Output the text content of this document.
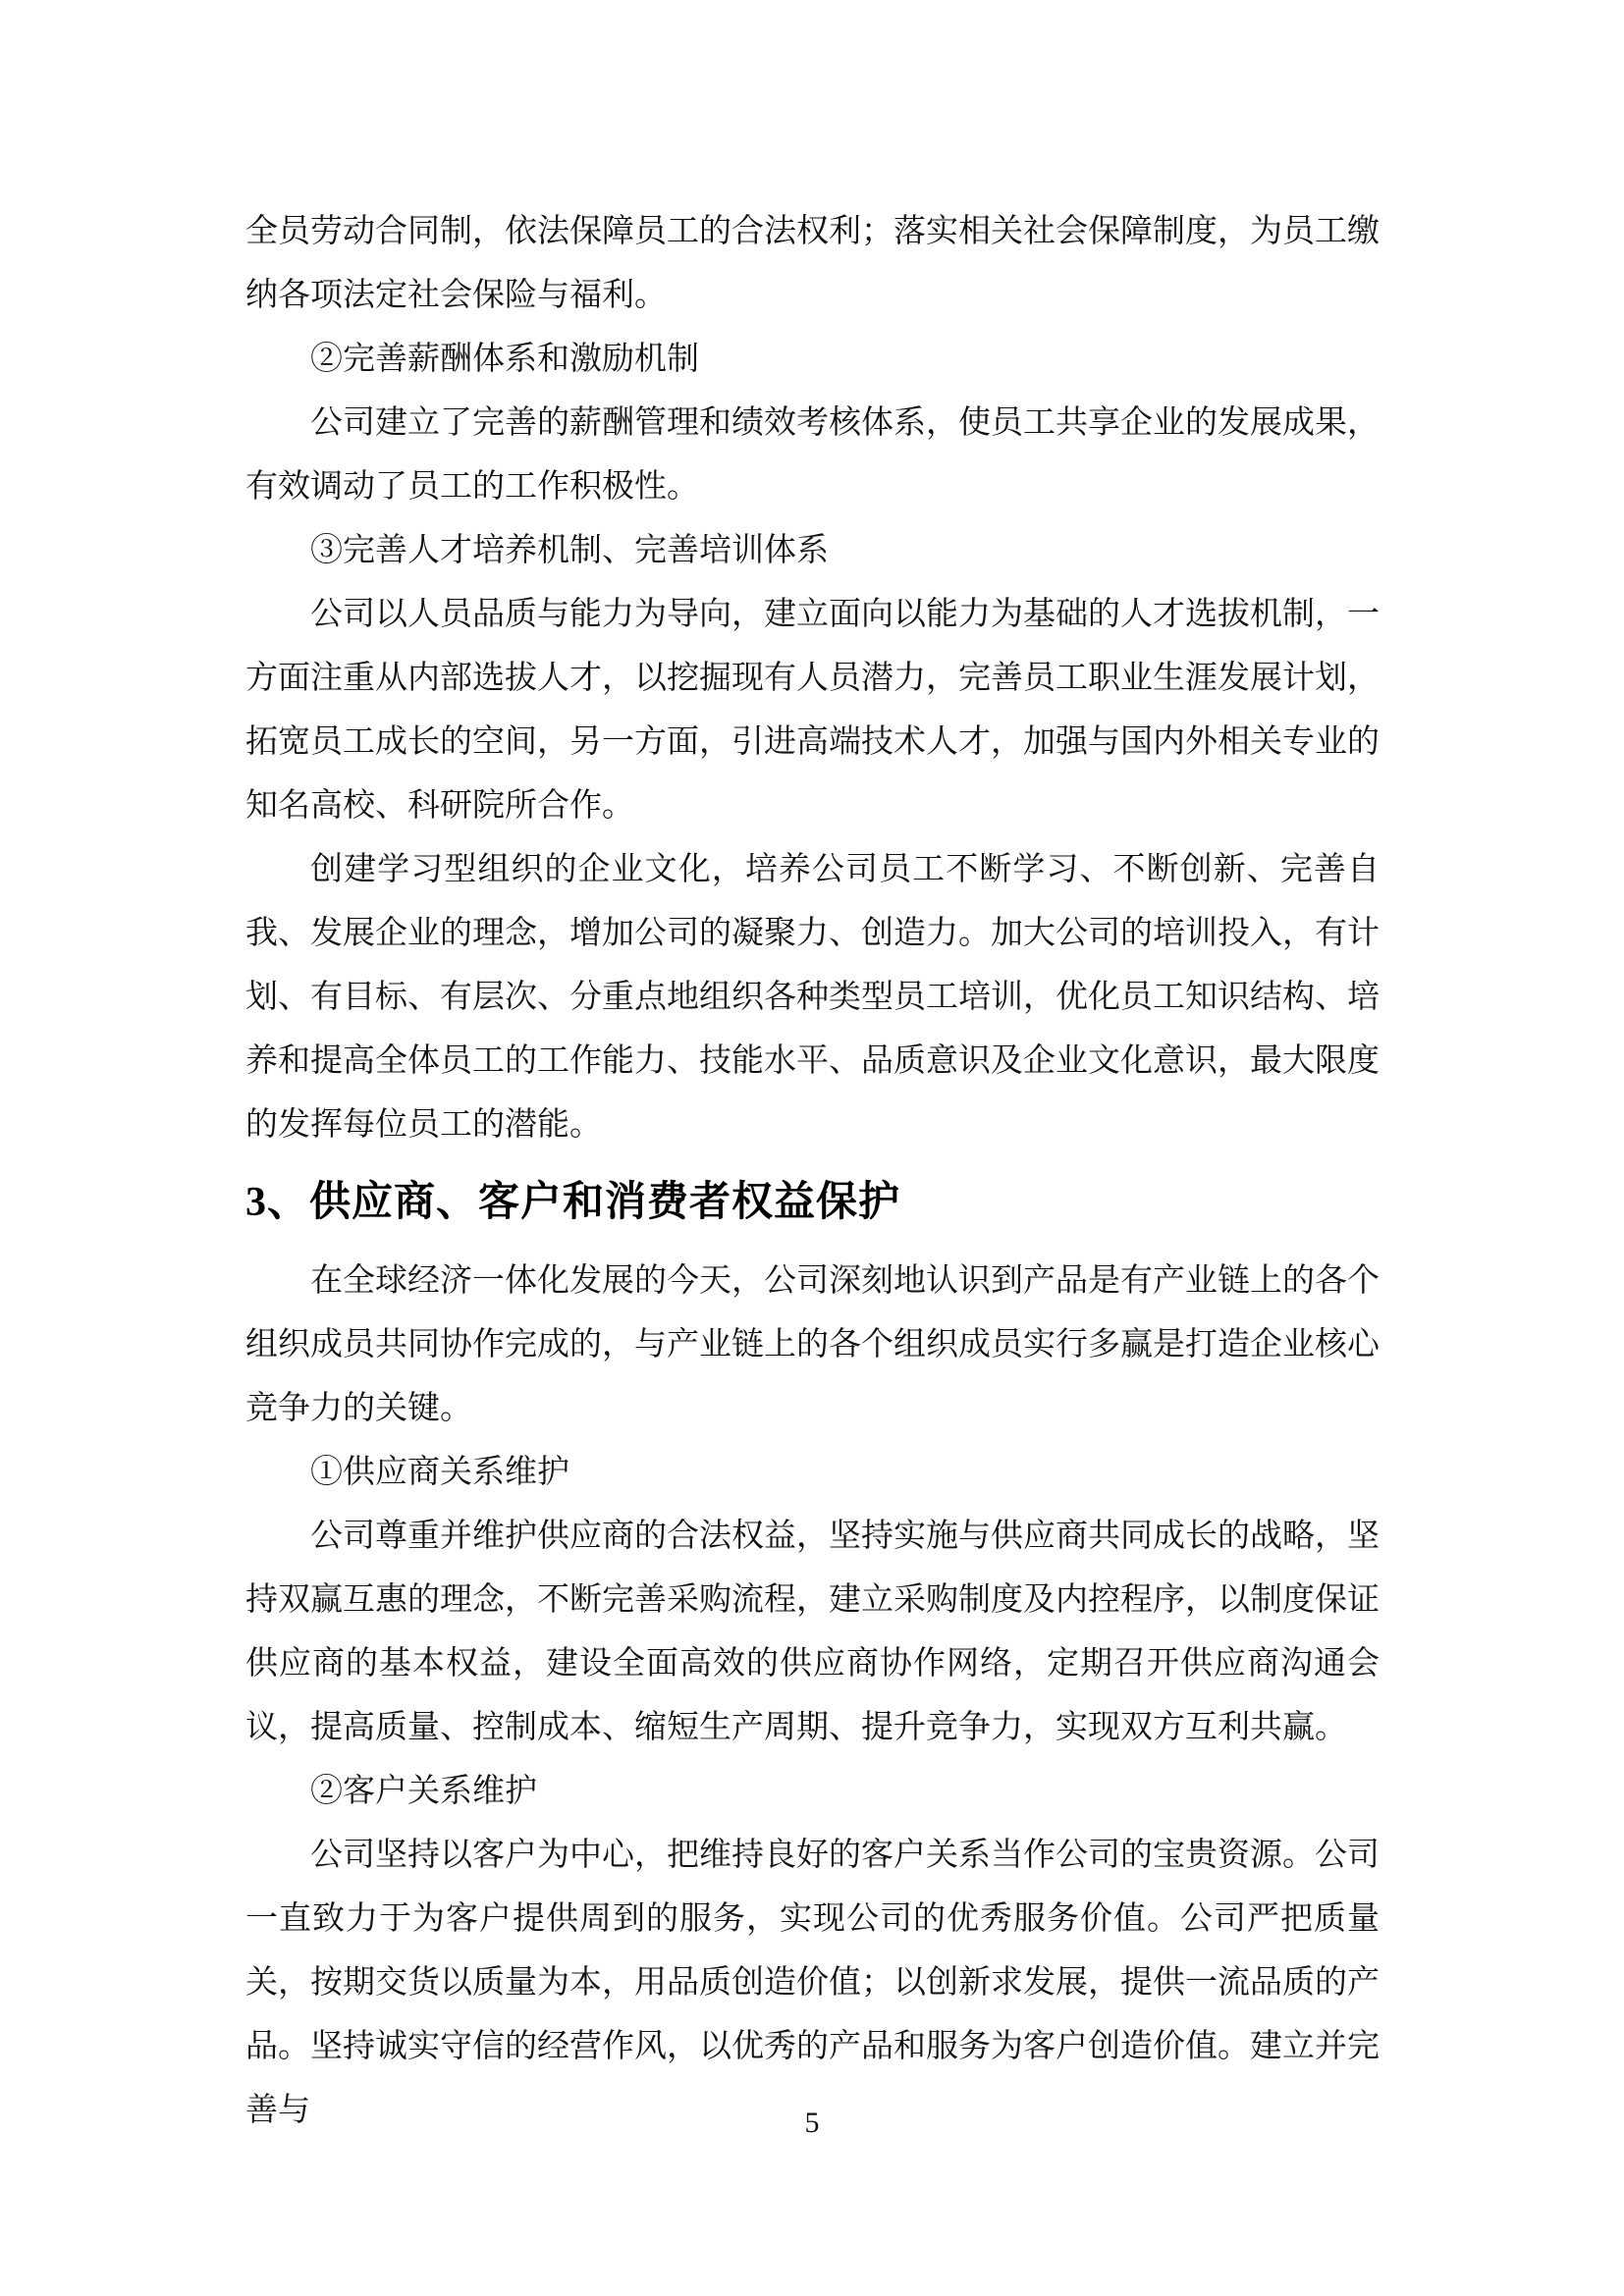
全员劳动合同制，依法保障员工的合法权利；落实相关社会保障制度，为员工缴纳各项法定社会保险与福利。

②完善薪酬体系和激励机制

公司建立了完善的薪酬管理和绩效考核体系，使员工共享企业的发展成果，有效调动了员工的工作积极性。

③完善人才培养机制、完善培训体系

公司以人员品质与能力为导向，建立面向以能力为基础的人才选拔机制，一方面注重从内部选拔人才，以挖掘现有人员潜力，完善员工职业生涯发展计划，拓宽员工成长的空间，另一方面，引进高端技术人才，加强与国内外相关专业的知名高校、科研院所合作。

创建学习型组织的企业文化，培养公司员工不断学习、不断创新、完善自我、发展企业的理念，增加公司的凝聚力、创造力。加大公司的培训投入，有计划、有目标、有层次、分重点地组织各种类型员工培训，优化员工知识结构、培养和提高全体员工的工作能力、技能水平、品质意识及企业文化意识，最大限度的发挥每位员工的潜能。

3、供应商、客户和消费者权益保护

在全球经济一体化发展的今天，公司深刻地认识到产品是有产业链上的各个组织成员共同协作完成的，与产业链上的各个组织成员实行多赢是打造企业核心竞争力的关键。

①供应商关系维护

公司尊重并维护供应商的合法权益，坚持实施与供应商共同成长的战略，坚持双赢互惠的理念，不断完善采购流程，建立采购制度及内控程序，以制度保证供应商的基本权益，建设全面高效的供应商协作网络，定期召开供应商沟通会议，提高质量、控制成本、缩短生产周期、提升竞争力，实现双方互利共赢。

②客户关系维护

公司坚持以客户为中心，把维持良好的客户关系当作公司的宝贵资源。公司一直致力于为客户提供周到的服务，实现公司的优秀服务价值。公司严把质量关，按期交货以质量为本，用品质创造价值；以创新求发展，提供一流品质的产品。坚持诚实守信的经营作风，以优秀的产品和服务为客户创造价值。建立并完善与	5
